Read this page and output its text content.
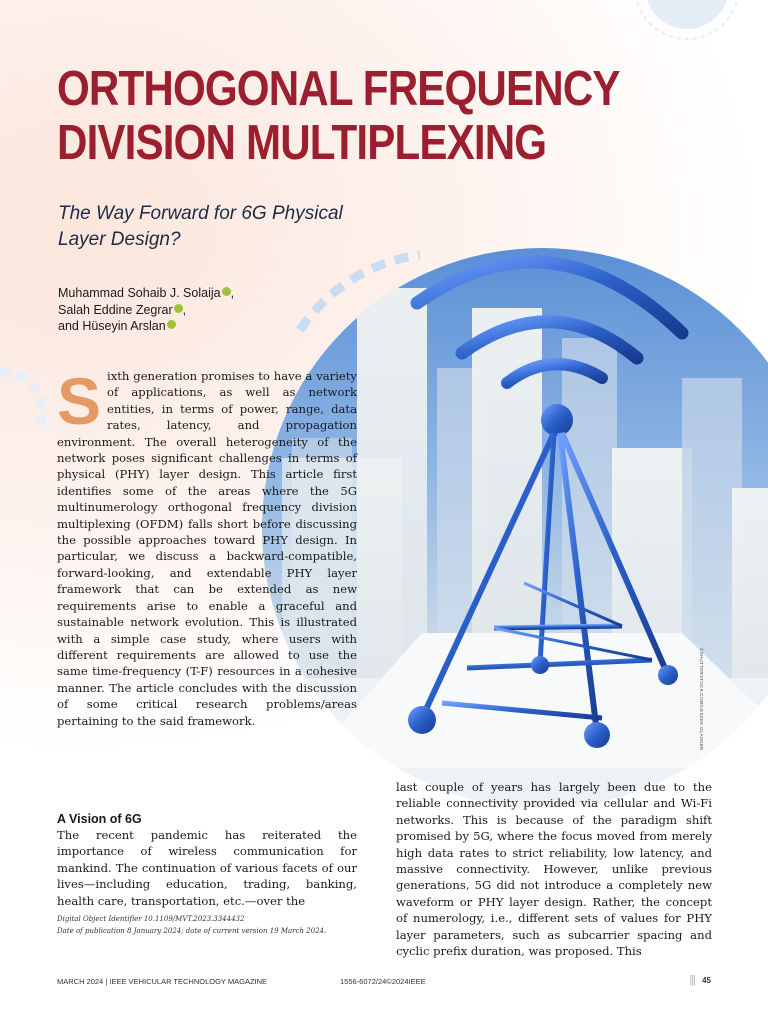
ORTHOGONAL FREQUENCY
DIVISION MULTIPLEXING
The Way Forward for 6G Physical
Layer Design?
Muhammad Sohaib J. Solaija ,
Salah Eddine Zegrar ,
and Hüseyin Arslan
©SHUTTERSTOCK.COM/LESZEK GLASNER
S ixth generation promises to have a variety of applications, as well as network entities, in terms of power, range, data rates, latency, and propagation environment. The overall heterogeneity of the network poses significant challenges in terms of physical (PHY) layer design. This article first identifies some of the areas where the 5G multinumerology orthogonal frequency division multiplexing (OFDM) falls short before discussing the possible approaches toward PHY design. In particular, we discuss a backward-compatible, forward-looking, and extendable PHY layer framework that can be extended as new requirements arise to enable a graceful and sustainable network evolution. This is illustrated with a simple case study, where users with different requirements are allowed to use the same time-frequency (T-F) resources in a cohesive manner. The article concludes with the discussion of some critical research problems/areas pertaining to the said framework.

A Vision of 6G

The recent pandemic has reiterated the importance of wireless communication for mankind. The continuation of various facets of our lives—including education, trading, banking, health care, transportation, etc.—over the

last couple of years has largely been due to the reliable connectivity provided via cellular and Wi-Fi networks. This is because of the paradigm shift promised by 5G, where the focus moved from merely high data rates to strict reliability, low latency, and massive connectivity. However, unlike previous generations, 5G did not introduce a completely new waveform or PHY layer design. Rather, the concept of numerology, i.e., different sets of values for PHY layer parameters, such as subcarrier spacing and cyclic prefix duration, was proposed. This

Digital Object Identifier 10.1109/MVT.2023.3344432
Date of publication 8 January 2024; date of current version 19 March 2024.
MARCH 2024 | IEEE VEHICULAR TECHNOLOGY MAGAZINE	1556-6072/24©2024IEEE	||| 45
